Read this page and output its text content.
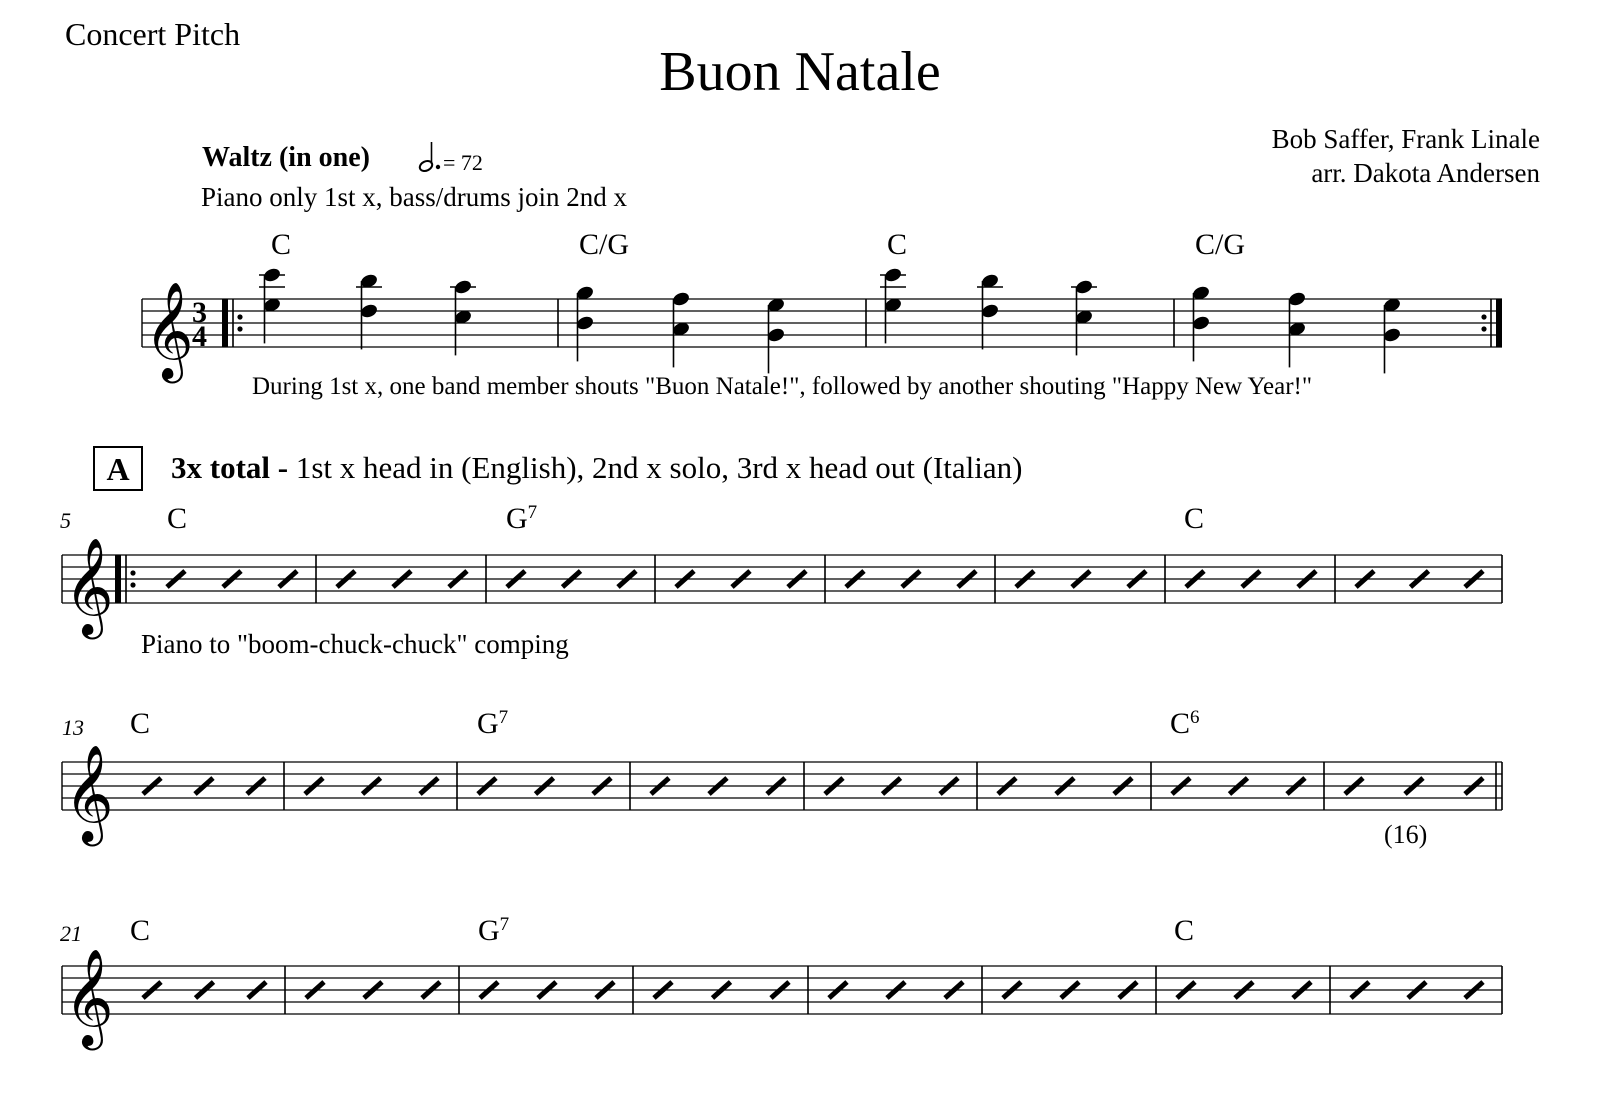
Concert Pitch
Buon Natale
Bob Saffer, Frank Linale
arr. Dakota Andersen
Waltz (in one)	= 72
Piano only 1st x, bass/drums join 2nd x
During 1st x, one band member shouts "Buon Natale!", followed by another shouting "Happy New Year!"
A	3x total - 1st x head in (English), 2nd x solo, 3rd x head out (Italian)
Piano to "boom-chuck-chuck" comping
𝄞
3
4
C	C/G	C	C/G
𝄞
5	C	$G^7$	C
𝄞
13 C	$G^7$	$C^6$
(16)
𝄞
21 C	$G^7$	C
